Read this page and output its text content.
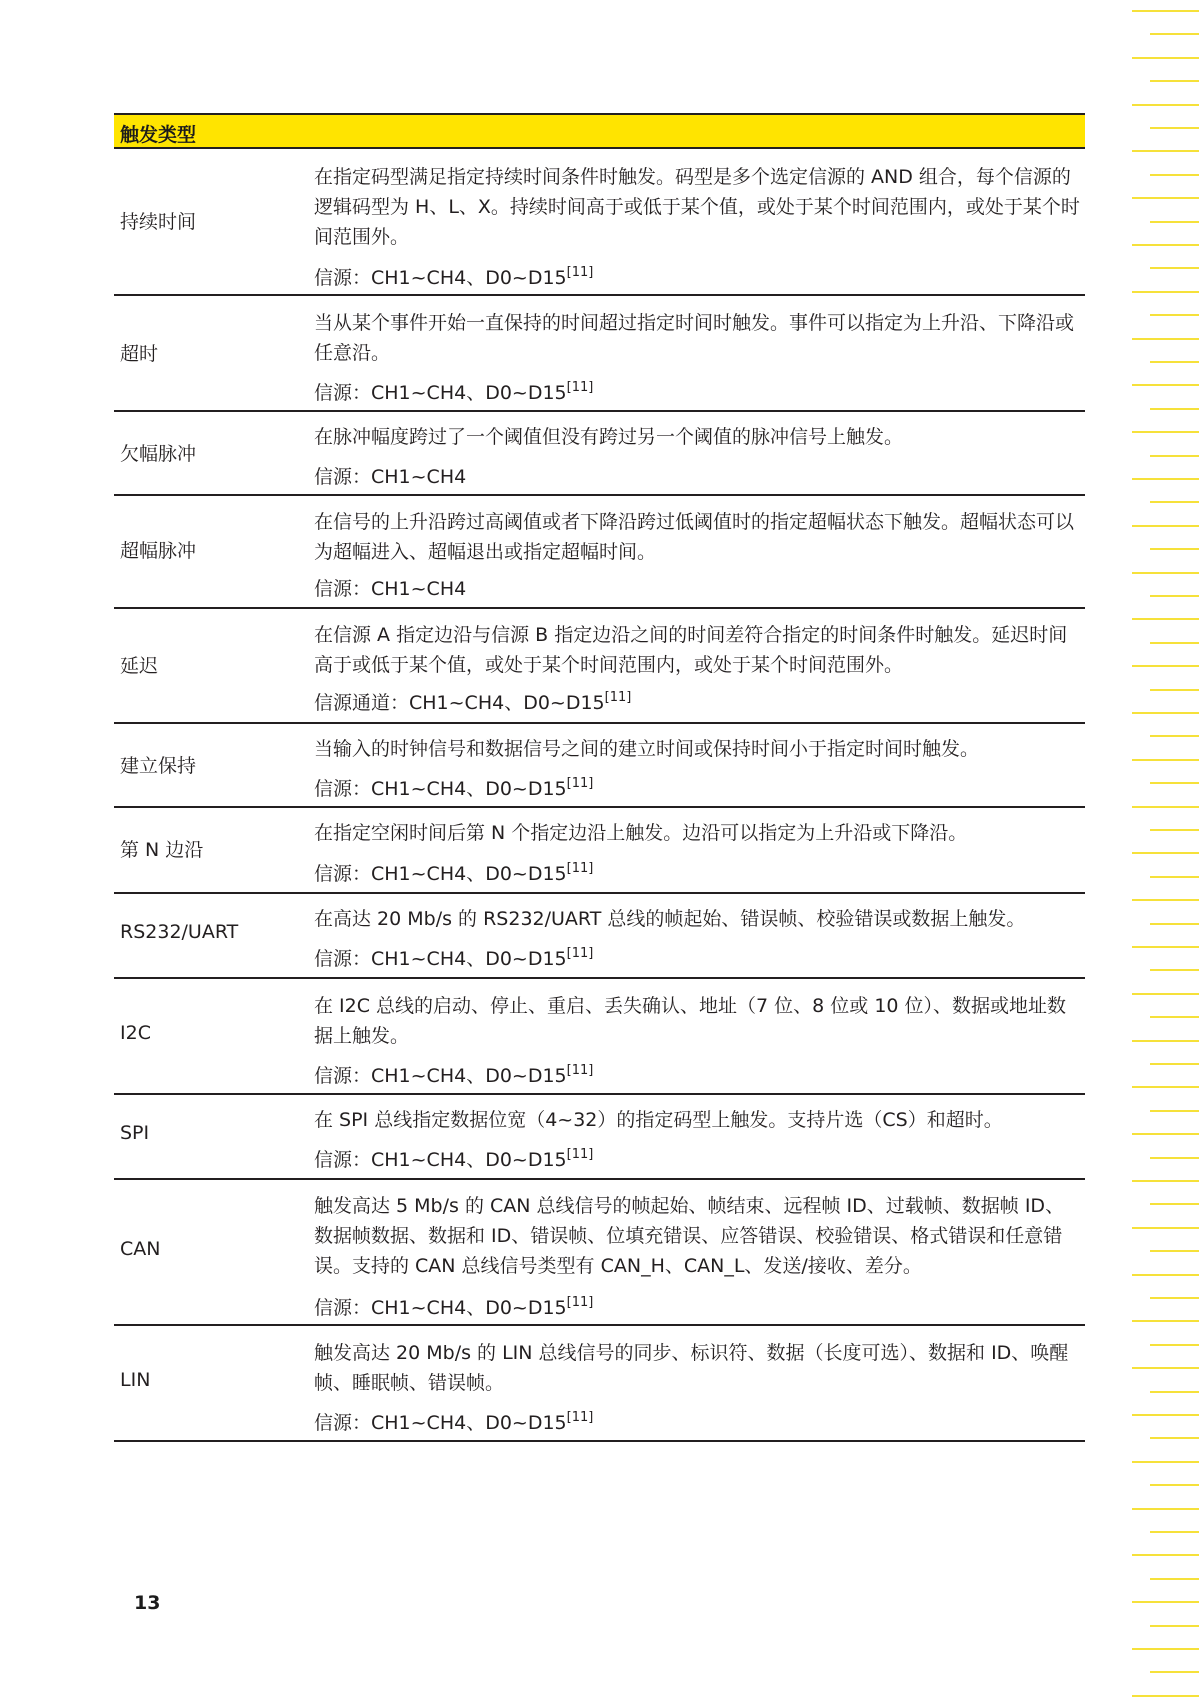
触发类型
持续时间
在指定码型满足指定持续时间条件时触发。码型是多个选定信源的 AND 组合，每个信源的逻辑码型为 H、L、X。持续时间高于或低于某个值，或处于某个时间范围内，或处于某个时间范围外。
信源：CH1~CH4、D0~D15[11]
超时
当从某个事件开始一直保持的时间超过指定时间时触发。事件可以指定为上升沿、下降沿或任意沿。
信源：CH1~CH4、D0~D15[11]
欠幅脉冲
在脉冲幅度跨过了一个阈值但没有跨过另一个阈值的脉冲信号上触发。
信源：CH1~CH4
超幅脉冲
在信号的上升沿跨过高阈值或者下降沿跨过低阈值时的指定超幅状态下触发。超幅状态可以为超幅进入、超幅退出或指定超幅时间。
信源：CH1~CH4
延迟
在信源 A 指定边沿与信源 B 指定边沿之间的时间差符合指定的时间条件时触发。延迟时间高于或低于某个值，或处于某个时间范围内，或处于某个时间范围外。
信源通道：CH1~CH4、D0~D15[11]
建立保持
当输入的时钟信号和数据信号之间的建立时间或保持时间小于指定时间时触发。
信源：CH1~CH4、D0~D15[11]
第 N 边沿
在指定空闲时间后第 N 个指定边沿上触发。边沿可以指定为上升沿或下降沿。
信源：CH1~CH4、D0~D15[11]
RS232/UART
在高达 20 Mb/s 的 RS232/UART 总线的帧起始、错误帧、校验错误或数据上触发。
信源：CH1~CH4、D0~D15[11]
I2C
在 I2C 总线的启动、停止、重启、丢失确认、地址（7 位、8 位或 10 位）、数据或地址数据上触发。
信源：CH1~CH4、D0~D15[11]
SPI
在 SPI 总线指定数据位宽（4~32）的指定码型上触发。支持片选（CS）和超时。
信源：CH1~CH4、D0~D15[11]
CAN
触发高达 5 Mb/s 的 CAN 总线信号的帧起始、帧结束、远程帧 ID、过载帧、数据帧 ID、数据帧数据、数据和 ID、错误帧、位填充错误、应答错误、校验错误、格式错误和任意错误。支持的 CAN 总线信号类型有 CAN_H、CAN_L、发送/接收、差分。
信源：CH1~CH4、D0~D15[11]
LIN
触发高达 20 Mb/s 的 LIN 总线信号的同步、标识符、数据（长度可选）、数据和 ID、唤醒帧、睡眠帧、错误帧。
信源：CH1~CH4、D0~D15[11]
13
